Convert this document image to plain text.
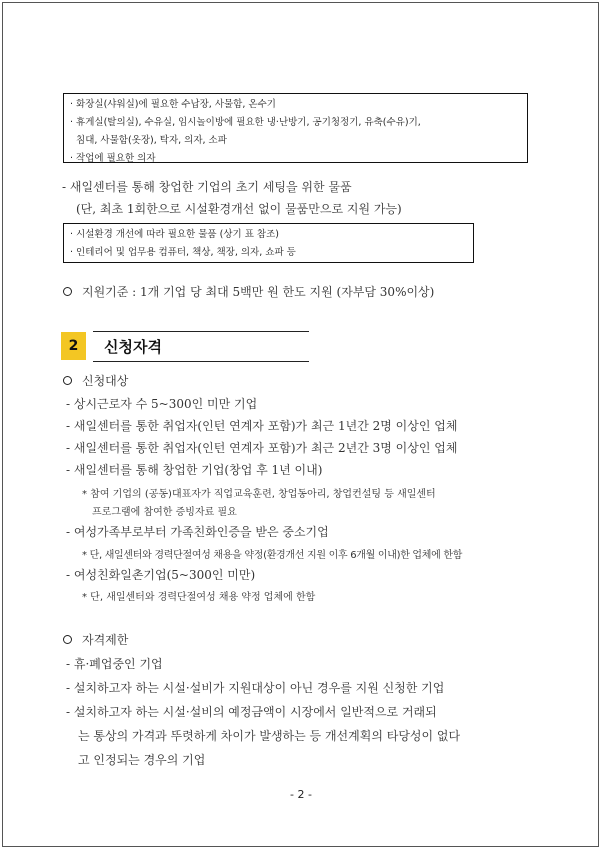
· 화장실(샤워실)에 필요한 수납장, 사물함, 온수기

· 휴게실(탈의실), 수유실, 임시놀이방에 필요한 냉·난방기, 공기청정기, 유축(수유)기,

침대, 사물함(옷장), 탁자, 의자, 소파

· 작업에 필요한 의자

- 새일센터를 통해 창업한 기업의 초기 세팅을 위한 물품
(단, 최초 1회한으로 시설환경개선 없이 물품만으로 지원 가능)

· 시설환경 개선에 따라 필요한 물품 (상기 표 참조)

· 인테리어 및 업무용 컴퓨터, 책상, 책장, 의자, 쇼파 등

지원기준 : 1개 기업 당 최대 5백만 원 한도 지원 (자부담 30%이상)
2	신청자격
신청대상
- 상시근로자 수 5~300인 미만 기업
- 새일센터를 통한 취업자(인턴 연계자 포함)가 최근 1년간 2명 이상인 업체
- 새일센터를 통한 취업자(인턴 연계자 포함)가 최근 2년간 3명 이상인 업체
- 새일센터를 통해 창업한 기업(창업 후 1년 이내)
* 참여 기업의 (공동)대표자가 직업교육훈련, 창업동아리, 창업컨설팅 등 새일센터
프로그램에 참여한 증빙자료 필요
- 여성가족부로부터 가족친화인증을 받은 중소기업
* 단, 새일센터와 경력단절여성 채용을 약정(환경개선 지원 이후 6개월 이내)한 업체에 한함
- 여성친화일촌기업(5~300인 미만)
* 단, 새일센터와 경력단절여성 채용 약정 업체에 한함
자격제한
- 휴·폐업중인 기업
- 설치하고자 하는 시설·설비가 지원대상이 아닌 경우를 지원 신청한 기업
- 설치하고자 하는 시설·설비의 예정금액이 시장에서 일반적으로 거래되
는 통상의 가격과 뚜렷하게 차이가 발생하는 등 개선계획의 타당성이 없다
고 인정되는 경우의 기업
- 2 -
